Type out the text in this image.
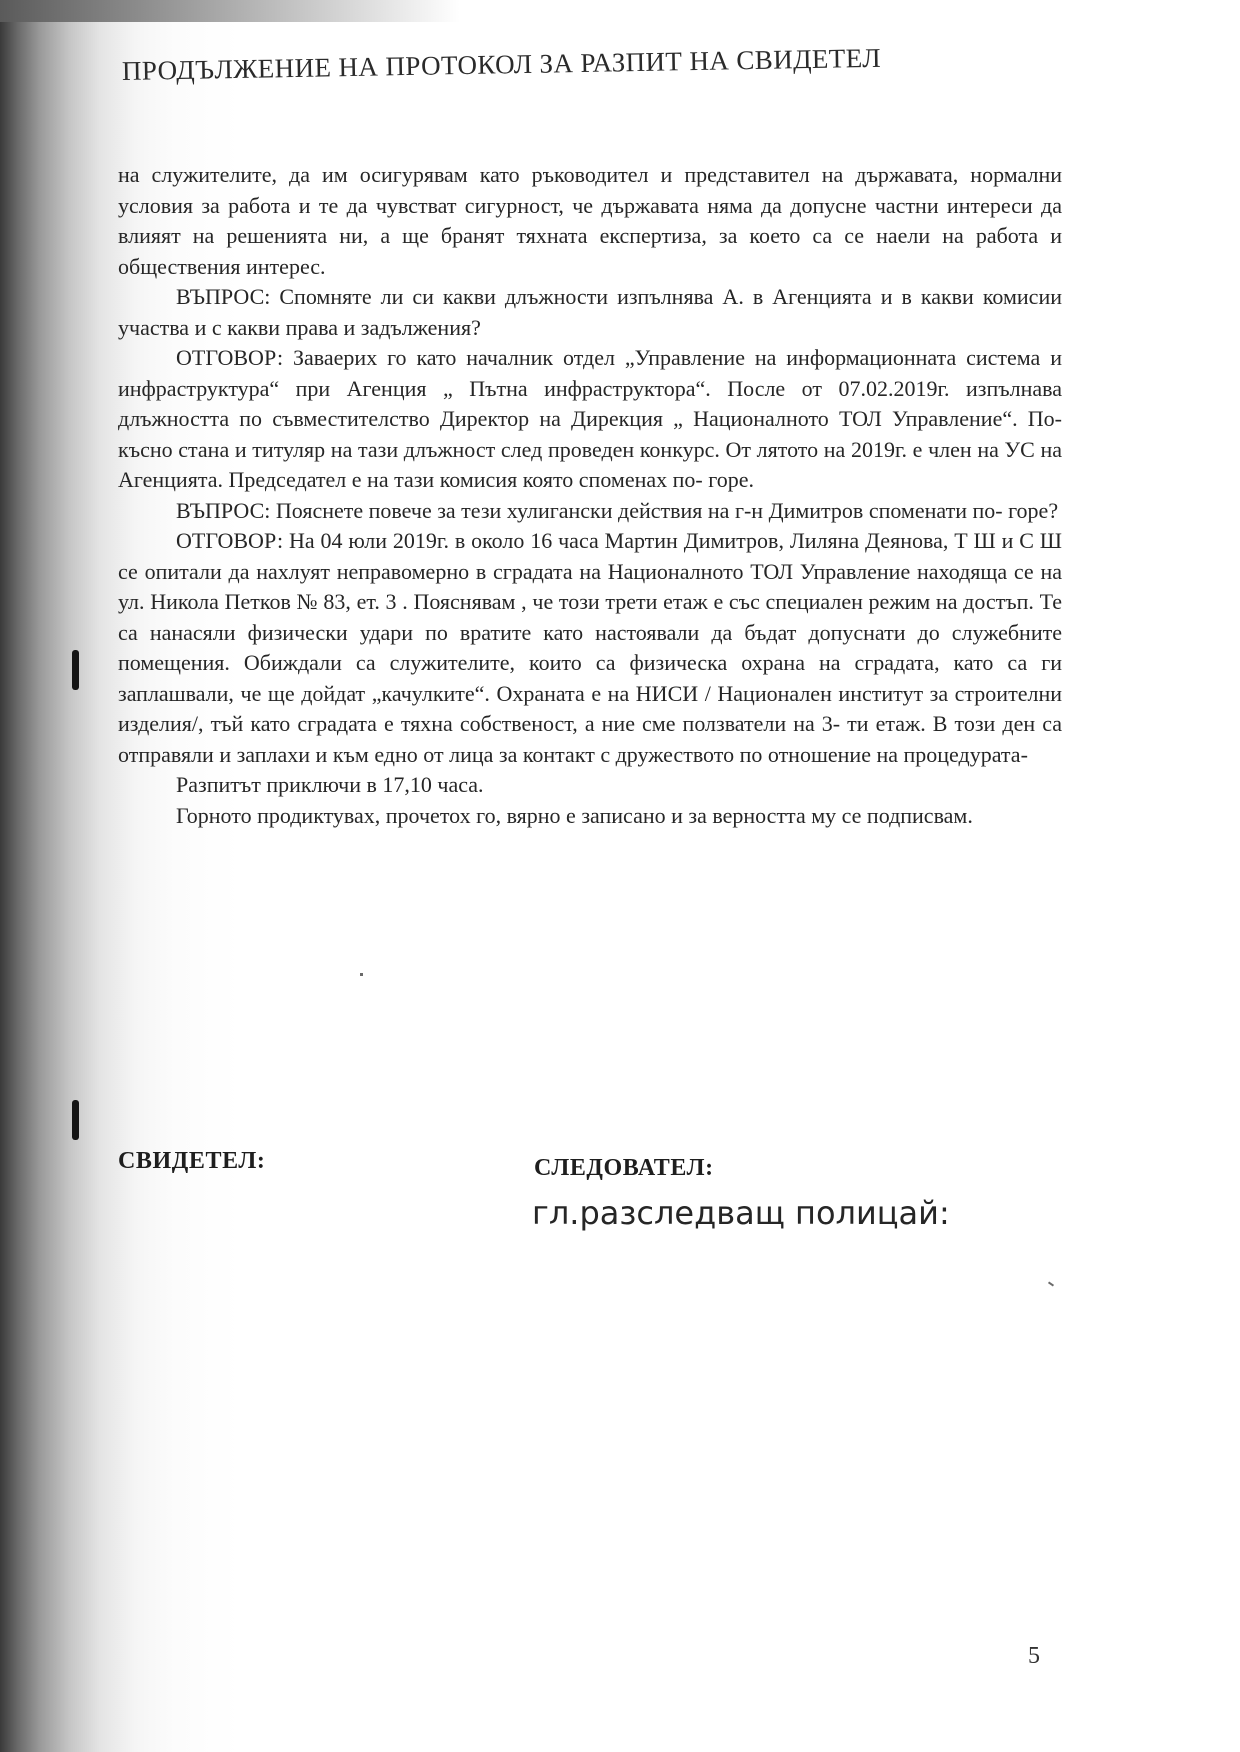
ПРОДЪЛЖЕНИЕ НА ПРОТОКОЛ ЗА РАЗПИТ НА СВИДЕТЕЛ

на служителите, да им осигурявам като ръководител и представител на държавата, нормални условия за работа и те да чувстват сигурност, че държавата няма да допусне частни интереси да влияят на решенията ни, а ще бранят тяхната експертиза, за което са се наели на работа и обществения интерес.

ВЪПРОС: Спомняте ли си какви длъжности изпълнява А. в Агенцията и в какви комисии участва и с какви права и задължения?

ОТГОВОР: Заваерих го като началник отдел „Управление на информационната система и инфраструктура“ при Агенция „ Пътна инфраструктора“. После от 07.02.2019г. изпълнава длъжността по съвместителство Директор на Дирекция „ Националното ТОЛ Управление“. По- късно стана и титуляр на тази длъжност след проведен конкурс. От лятото на 2019г. е член на УС на Агенцията. Председател е на тази комисия която споменах по- горе.

ВЪПРОС: Пояснете повече за тези хулигански действия на г-н Димитров споменати по- горе?

ОТГОВОР: На 04 юли 2019г. в около 16 часа Мартин Димитров, Лиляна Деянова, Т Ш и С Ш се опитали да нахлуят неправомерно в сградата на Националното ТОЛ Управление находяща се на ул. Никола Петков № 83, ет. 3 . Пояснявам , че този трети етаж е със специален режим на достъп. Те са нанасяли физически удари по вратите като настоявали да бъдат допуснати до служебните помещения. Обиждали са служителите, които са физическа охрана на сградата, като са ги заплашвали, че ще дойдат „качулките“. Охраната е на НИСИ / Национален институт за строителни изделия/, тъй като сградата е тяхна собственост, а ние сме ползватели на 3- ти етаж. В този ден са отправяли и заплахи и към едно от лица за контакт с дружеството по отношение на процедурата-

Разпитът приключи в 17,10 часа.

Горното продиктувах, прочетох го, вярно е записано и за верността му се подписвам.

СВИДЕТЕЛ:	СЛЕДОВАТЕЛ:
гл.разследващ полицай:
5
